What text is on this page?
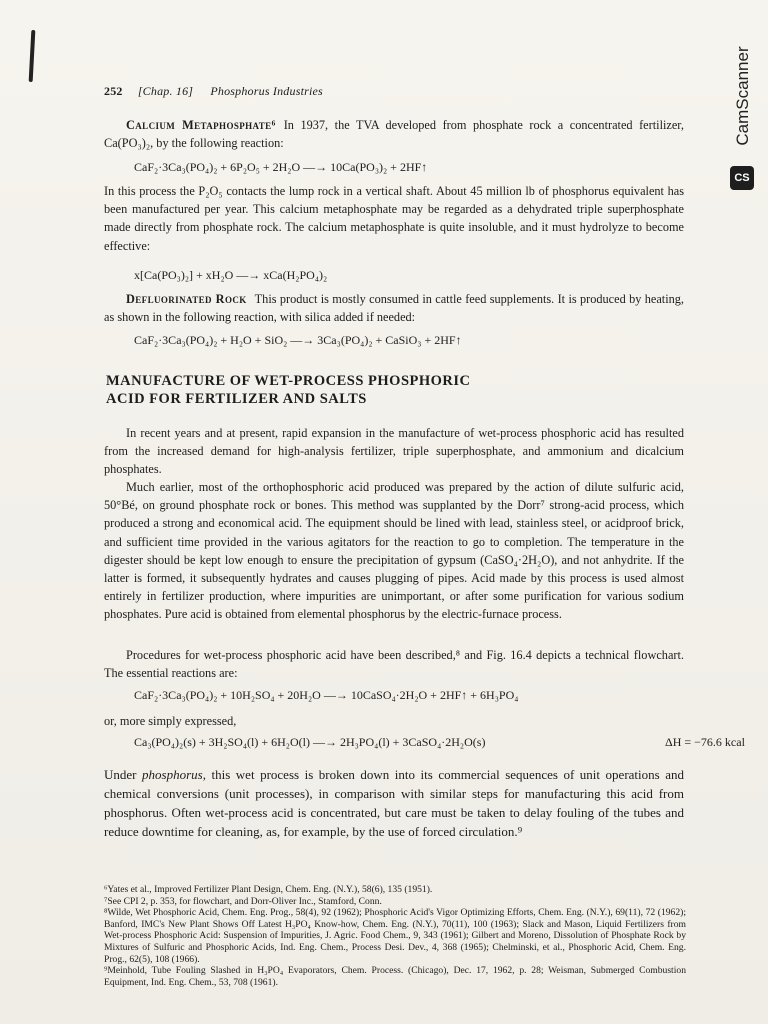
CamScanner
CS
252 [Chap. 16] Phosphorus Industries
Calcium Metaphosphate⁶ In 1937, the TVA developed from phosphate rock a concentrated fertilizer, Ca(PO₃)₂, by the following reaction:
CaF₂·3Ca₃(PO₄)₂ + 6P₂O₅ + 2H₂O —→ 10Ca(PO₃)₂ + 2HF↑
In this process the P₂O₅ contacts the lump rock in a vertical shaft. About 45 million lb of phosphorus equivalent has been manufactured per year. This calcium metaphosphate may be regarded as a dehydrated triple superphosphate made directly from phosphate rock. The calcium metaphosphate is quite insoluble, and it must hydrolyze to become effective:
x[Ca(PO₃)₂] + xH₂O —→ xCa(H₂PO₄)₂
Defluorinated Rock This product is mostly consumed in cattle feed supplements. It is produced by heating, as shown in the following reaction, with silica added if needed:
CaF₂·3Ca₃(PO₄)₂ + H₂O + SiO₂ —→ 3Ca₃(PO₄)₂ + CaSiO₃ + 2HF↑
MANUFACTURE OF WET-PROCESS PHOSPHORIC
ACID FOR FERTILIZER AND SALTS
In recent years and at present, rapid expansion in the manufacture of wet-process phosphoric acid has resulted from the increased demand for high-analysis fertilizer, triple superphosphate, and ammonium and dicalcium phosphates.
Much earlier, most of the orthophosphoric acid produced was prepared by the action of dilute sulfuric acid, 50°Bé, on ground phosphate rock or bones. This method was supplanted by the Dorr⁷ strong-acid process, which produced a strong and economical acid. The equipment should be lined with lead, stainless steel, or acidproof brick, and sufficient time provided in the various agitators for the reaction to go to completion. The temperature in the digester should be kept low enough to ensure the precipitation of gypsum (CaSO₄·2H₂O), and not anhydrite. If the latter is formed, it subsequently hydrates and causes plugging of pipes. Acid made by this process is used almost entirely in fertilizer production, where impurities are unimportant, or after some purification for various sodium phosphates. Pure acid is obtained from elemental phosphorus by the electric-furnace process.
Procedures for wet-process phosphoric acid have been described,⁸ and Fig. 16.4 depicts a technical flowchart. The essential reactions are:
CaF₂·3Ca₃(PO₄)₂ + 10H₂SO₄ + 20H₂O —→ 10CaSO₄·2H₂O + 2HF↑ + 6H₃PO₄
or, more simply expressed,
Ca₃(PO₄)₂(s) + 3H₂SO₄(l) + 6H₂O(l) —→ 2H₃PO₄(l) + 3CaSO₄·2H₂O(s)	ΔH = −76.6 kcal
Under phosphorus, this wet process is broken down into its commercial sequences of unit operations and chemical conversions (unit processes), in comparison with similar steps for manufacturing this acid from phosphorus. Often wet-process acid is concentrated, but care must be taken to delay fouling of the tubes and reduce downtime for cleaning, as, for example, by the use of forced circulation.⁹

⁶Yates et al., Improved Fertilizer Plant Design, Chem. Eng. (N.Y.), 58(6), 135 (1951).

⁷See CPI 2, p. 353, for flowchart, and Dorr-Oliver Inc., Stamford, Conn.

⁸Wilde, Wet Phosphoric Acid, Chem. Eng. Prog., 58(4), 92 (1962); Phosphoric Acid's Vigor Optimizing Efforts, Chem. Eng. (N.Y.), 69(11), 72 (1962); Banford, IMC's New Plant Shows Off Latest H₃PO₄ Know-how, Chem. Eng. (N.Y.), 70(11), 100 (1963); Slack and Mason, Liquid Fertilizers from Wet-process Phosphoric Acid: Suspension of Impurities, J. Agric. Food Chem., 9, 343 (1961); Gilbert and Moreno, Dissolution of Phosphate Rock by Mixtures of Sulfuric and Phosphoric Acids, Ind. Eng. Chem., Process Desi. Dev., 4, 368 (1965); Chelminski, et al., Phosphoric Acid, Chem. Eng. Prog., 62(5), 108 (1966).

⁹Meinhold, Tube Fouling Slashed in H₃PO₄ Evaporators, Chem. Process. (Chicago), Dec. 17, 1962, p. 28; Weisman, Submerged Combustion Equipment, Ind. Eng. Chem., 53, 708 (1961).
